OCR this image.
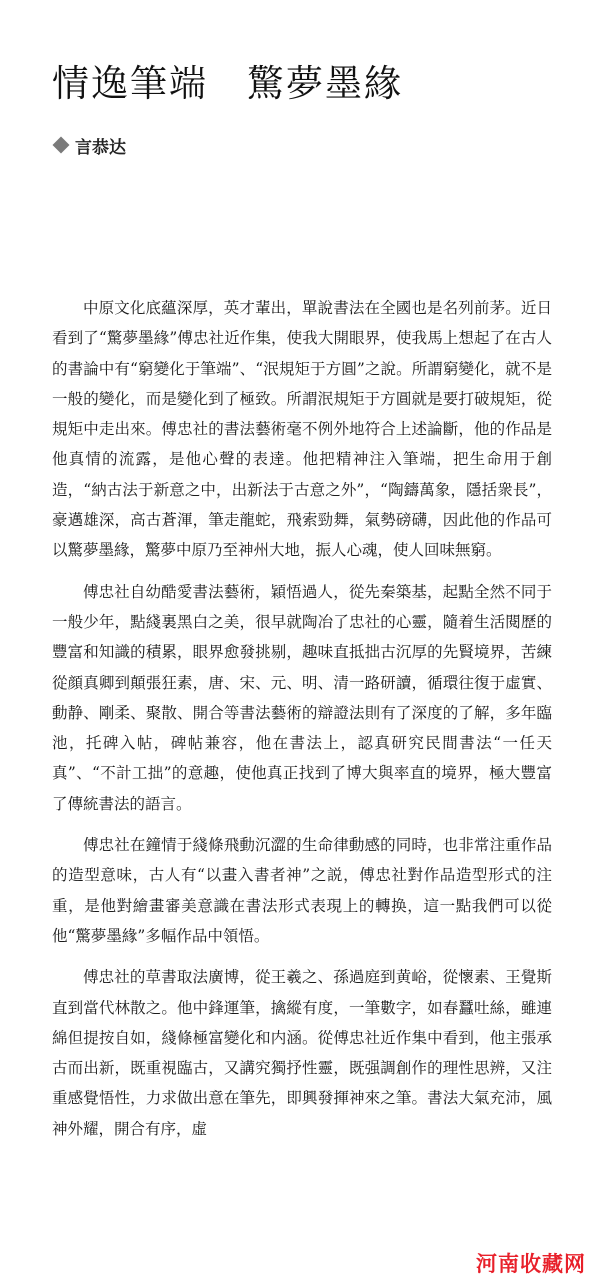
情逸筆端　驚夢墨緣
言恭达

中原文化底蘊深厚，英才輩出，單說書法在全國也是名列前茅。近日看到了“驚夢墨緣”傅忠社近作集，使我大開眼界，使我馬上想起了在古人的書論中有“窮變化于筆端”、“泯規矩于方圓”之說。所謂窮變化，就不是一般的變化，而是變化到了極致。所謂泯規矩于方圓就是要打破規矩，從規矩中走出來。傅忠社的書法藝術毫不例外地符合上述論斷，他的作品是他真情的流露，是他心聲的表達。他把精神注入筆端，把生命用于創造，“納古法于新意之中，出新法于古意之外”，“陶鑄萬象，隱括衆長”，豪邁雄深，高古蒼渾，筆走龍蛇，飛索勁舞，氣勢磅礴，因此他的作品可以驚夢墨緣，驚夢中原乃至神州大地，振人心魂，使人回味無窮。

傅忠社自幼酷愛書法藝術，穎悟過人，從先秦築基，起點全然不同于一般少年，點綫裏黑白之美，很早就陶冶了忠社的心靈，隨着生活閱歷的豐富和知識的積累，眼界愈發挑剔，趣味直抵拙古沉厚的先賢境界，苦練從顔真卿到顛張狂素，唐、宋、元、明、清一路研讀，循環往復于虛實、動静、剛柔、聚散、開合等書法藝術的辯證法則有了深度的了解，多年臨池，托碑入帖，碑帖兼容，他在書法上，認真研究民間書法“一任天真”、“不計工拙”的意趣，使他真正找到了博大與率直的境界，極大豐富了傳統書法的語言。

傅忠社在鐘情于綫條飛動沉澀的生命律動感的同時，也非常注重作品的造型意味，古人有“以畫入書者神”之説，傅忠社對作品造型形式的注重，是他對繪畫審美意識在書法形式表現上的轉换，這一點我們可以從他“驚夢墨緣”多幅作品中領悟。

傅忠社的草書取法廣博，從王羲之、孫過庭到黄峪，從懷素、王覺斯直到當代林散之。他中鋒運筆，擒縱有度，一筆數字，如春蠶吐絲，雖連綿但提按自如，綫條極富變化和内涵。從傅忠社近作集中看到，他主張承古而出新，既重視臨古，又講究獨抒性靈，既强調創作的理性思辨，又注重感覺悟性，力求做出意在筆先，即興發揮神來之筆。書法大氣充沛，風神外耀，開合有序，虛

河南收藏网
